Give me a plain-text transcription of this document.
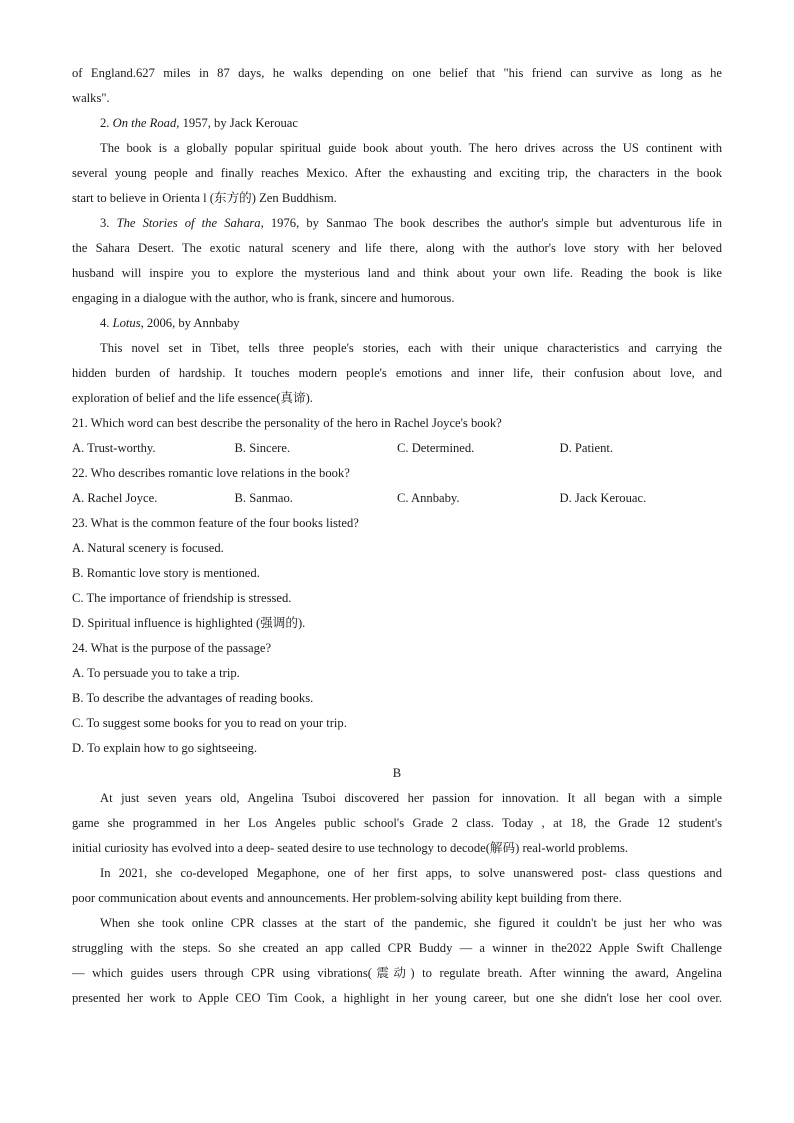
of England.627 miles in 87 days, he walks depending on one belief that "his friend can survive as long as he
walks".

2. On the Road, 1957, by Jack Kerouac

The book is a globally popular spiritual guide book about youth. The hero drives across the US continent with
several young people and finally reaches Mexico. After the exhausting and exciting trip, the characters in the book
start to believe in Orienta l (东方的) Zen Buddhism.

3. The Stories of the Sahara, 1976, by Sanmao The book describes the author's simple but adventurous life in
the Sahara Desert. The exotic natural scenery and life there, along with the author's love story with her beloved
husband will inspire you to explore the mysterious land and think about your own life. Reading the book is like
engaging in a dialogue with the author, who is frank, sincere and humorous.

4. Lotus, 2006, by Annbaby

This novel set in Tibet, tells three people's stories, each with their unique characteristics and carrying the
hidden burden of hardship. It touches modern people's emotions and inner life, their confusion about love, and
exploration of belief and the life essence(真谛).

21. Which word can best describe the personality of the hero in Rachel Joyce's book?

A. Trust-worthy.	B. Sincere.	C. Determined.	D. Patient.

22. Who describes romantic love relations in the book?

A. Rachel Joyce.	B. Sanmao.	C. Annbaby.	D. Jack Kerouac.

23. What is the common feature of the four books listed?

A. Natural scenery is focused.

B. Romantic love story is mentioned.

C. The importance of friendship is stressed.

D. Spiritual influence is highlighted (强调的).

24. What is the purpose of the passage?

A. To persuade you to take a trip.

B. To describe the advantages of reading books.

C. To suggest some books for you to read on your trip.

D. To explain how to go sightseeing.

B

At just seven years old, Angelina Tsuboi discovered her passion for innovation. It all began with a simple
game she programmed in her Los Angeles public school's Grade 2 class. Today , at 18, the Grade 12 student's
initial curiosity has evolved into a deep- seated desire to use technology to decode(解码) real-world problems.

In 2021, she co-developed Megaphone, one of her first apps, to solve unanswered post- class questions and
poor communication about events and announcements. Her problem-solving ability kept building from there.

When she took online CPR classes at the start of the pandemic, she figured it couldn't be just her who was
struggling with the steps. So she created an app called CPR Buddy — a winner in the2022 Apple Swift Challenge
— which guides users through CPR using vibrations(震动) to regulate breath. After winning the award, Angelina
presented her work to Apple CEO Tim Cook, a highlight in her young career, but one she didn't lose her cool over.
